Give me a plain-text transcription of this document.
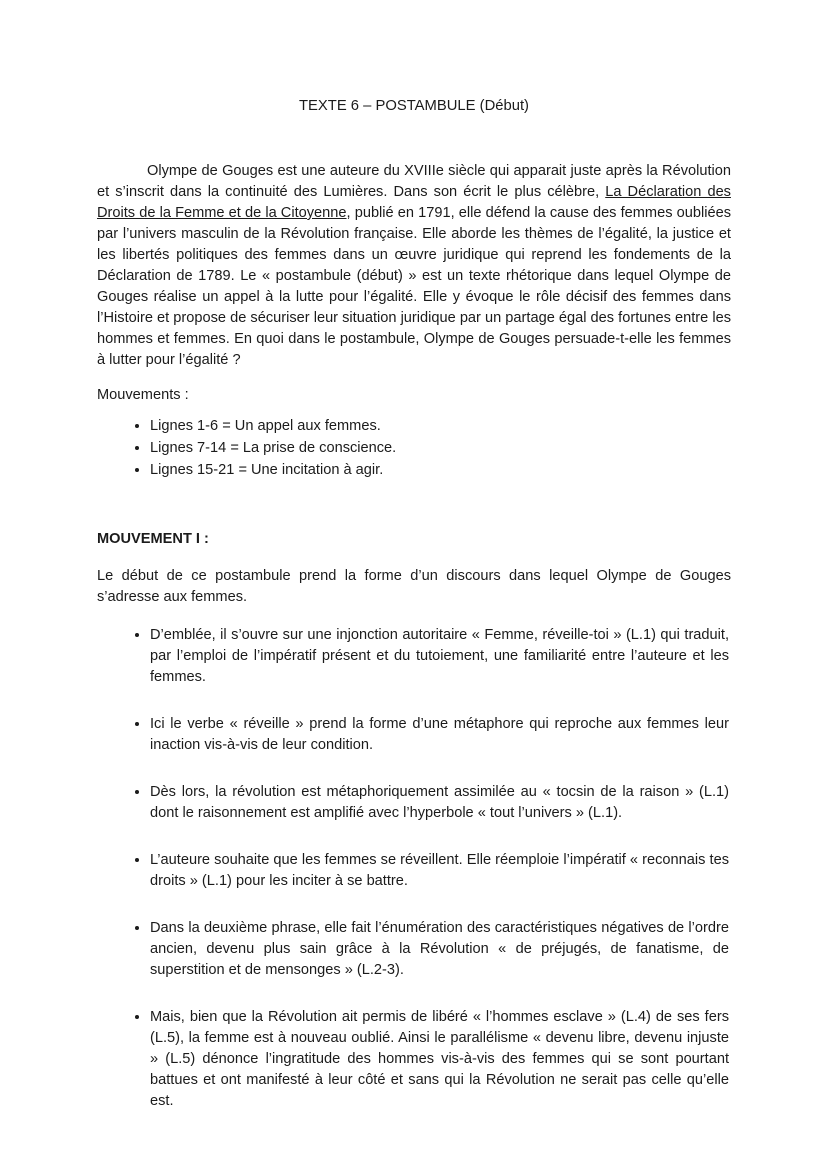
TEXTE 6 – POSTAMBULE (Début)

Olympe de Gouges est une auteure du XVIIIe siècle qui apparait juste après la Révolution et s’inscrit dans la continuité des Lumières. Dans son écrit le plus célèbre, La Déclaration des Droits de la Femme et de la Citoyenne, publié en 1791, elle défend la cause des femmes oubliées par l’univers masculin de la Révolution française. Elle aborde les thèmes de l’égalité, la justice et les libertés politiques des femmes dans un œuvre juridique qui reprend les fondements de la Déclaration de 1789. Le « postambule (début) » est un texte rhétorique dans lequel Olympe de Gouges réalise un appel à la lutte pour l’égalité. Elle y évoque le rôle décisif des femmes dans l’Histoire et propose de sécuriser leur situation juridique par un partage égal des fortunes entre les hommes et femmes. En quoi dans le postambule, Olympe de Gouges persuade-t-elle les femmes à lutter pour l’égalité ?

Mouvements :

• Lignes 1-6 = Un appel aux femmes.
• Lignes 7-14 = La prise de conscience.
• Lignes 15-21 = Une incitation à agir.
MOUVEMENT I :

Le début de ce postambule prend la forme d’un discours dans lequel Olympe de Gouges s’adresse aux femmes.

• D’emblée, il s’ouvre sur une injonction autoritaire « Femme, réveille-toi » (L.1) qui traduit, par l’emploi de l’impératif présent et du tutoiement, une familiarité entre l’auteure et les femmes.
• Ici le verbe « réveille » prend la forme d’une métaphore qui reproche aux femmes leur inaction vis-à-vis de leur condition.
• Dès lors, la révolution est métaphoriquement assimilée au « tocsin de la raison » (L.1) dont le raisonnement est amplifié avec l’hyperbole « tout l’univers » (L.1).
• L’auteure souhaite que les femmes se réveillent. Elle réemploie l’impératif « reconnais tes droits » (L.1) pour les inciter à se battre.
• Dans la deuxième phrase, elle fait l’énumération des caractéristiques négatives de l’ordre ancien, devenu plus sain grâce à la Révolution « de préjugés, de fanatisme, de superstition et de mensonges » (L.2-3).
• Mais, bien que la Révolution ait permis de libéré « l’hommes esclave » (L.4) de ses fers (L.5), la femme est à nouveau oublié. Ainsi le parallélisme « devenu libre, devenu injuste » (L.5) dénonce l’ingratitude des hommes vis-à-vis des femmes qui se sont pourtant battues et ont manifesté à leur côté et sans qui la Révolution ne serait pas celle qu’elle est.
